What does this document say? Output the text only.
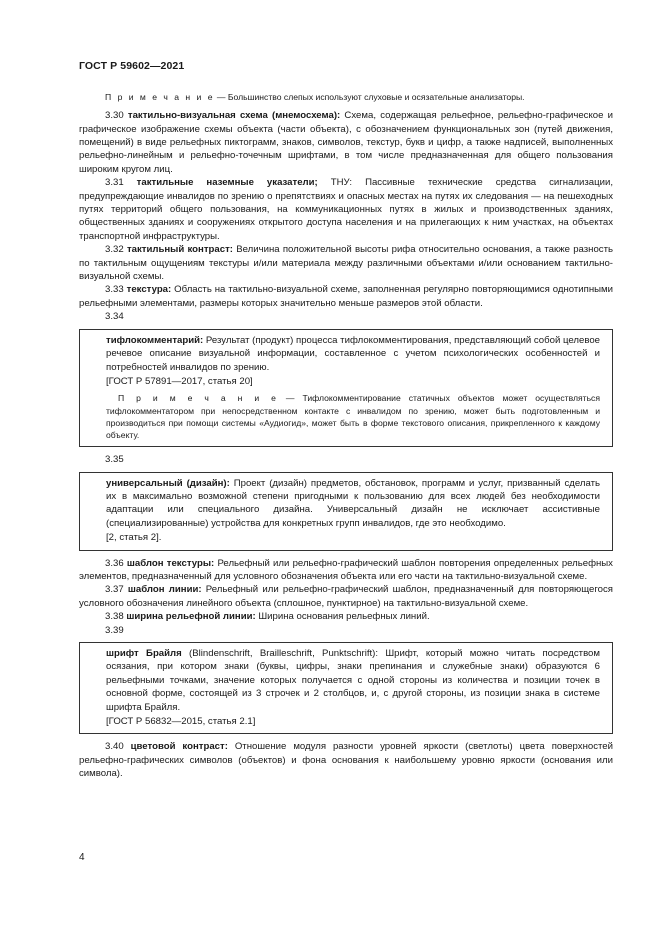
ГОСТ Р 59602—2021

П р и м е ч а н и е — Большинство слепых используют слуховые и осязательные анализаторы.

3.30 тактильно-визуальная схема (мнемосхема): Схема, содержащая рельефное, рельефно-графическое и графическое изображение схемы объекта (части объекта), с обозначением функциональных зон (путей движения, помещений) в виде рельефных пиктограмм, знаков, символов, текстур, букв и цифр, а также надписей, выполненных рельефно-линейным и рельефно-точечным шрифтами, в том числе предназначенная для общего пользования широким кругом лиц.

3.31 тактильные наземные указатели; ТНУ: Пассивные технические средства сигнализации, предупреждающие инвалидов по зрению о препятствиях и опасных местах на путях их следования — на пешеходных путях территорий общего пользования, на коммуникационных путях в жилых и производственных зданиях, общественных зданиях и сооружениях открытого доступа населения и на прилегающих к ним участках, на объектах транспортной инфраструктуры.

3.32 тактильный контраст: Величина положительной высоты рифа относительно основания, а также разность по тактильным ощущениям текстуры и/или материала между различными объектами и/или основанием тактильно-визуальной схемы.

3.33 текстура: Область на тактильно-визуальной схеме, заполненная регулярно повторяющимися однотипными рельефными элементами, размеры которых значительно меньше размеров этой области.

3.34

тифлокомментарий: Результат (продукт) процесса тифлокомментирования, представляющий собой целевое речевое описание визуальной информации, составленное с учетом психологических особенностей и потребностей инвалидов по зрению.

[ГОСТ Р 57891—2017, статья 20]

П р и м е ч а н и е — Тифлокомментирование статичных объектов может осуществляться тифлокомментатором при непосредственном контакте с инвалидом по зрению, может быть подготовленным и производиться при помощи системы «Аудиогид», может быть в форме текстового описания, прикрепленного к каждому объекту.

3.35

универсальный (дизайн): Проект (дизайн) предметов, обстановок, программ и услуг, призванный сделать их в максимально возможной степени пригодными к пользованию для всех людей без необходимости адаптации или специального дизайна. Универсальный дизайн не исключает ассистивные (специализированные) устройства для конкретных групп инвалидов, где это необходимо.

[2, статья 2].

3.36 шаблон текстуры: Рельефный или рельефно-графический шаблон повторения определенных рельефных элементов, предназначенный для условного обозначения объекта или его части на тактильно-визуальной схеме.

3.37 шаблон линии: Рельефный или рельефно-графический шаблон, предназначенный для повторяющегося условного обозначения линейного объекта (сплошное, пунктирное) на тактильно-визуальной схеме.

3.38 ширина рельефной линии: Ширина основания рельефных линий.

3.39

шрифт Брайля (Blindenschrift, Brailleschrift, Punktschrift): Шрифт, который можно читать посредством осязания, при котором знаки (буквы, цифры, знаки препинания и служебные знаки) образуются 6 рельефными точками, значение которых получается с одной стороны из количества и позиции точек в основной форме, состоящей из 3 строчек и 2 столбцов, и, с другой стороны, из позиции знака в системе шрифта Брайля.

[ГОСТ Р 56832—2015, статья 2.1]

3.40 цветовой контраст: Отношение модуля разности уровней яркости (светлоты) цвета поверхностей рельефно-графических символов (объектов) и фона основания к наибольшему уровню яркости (основания или символа).

4
